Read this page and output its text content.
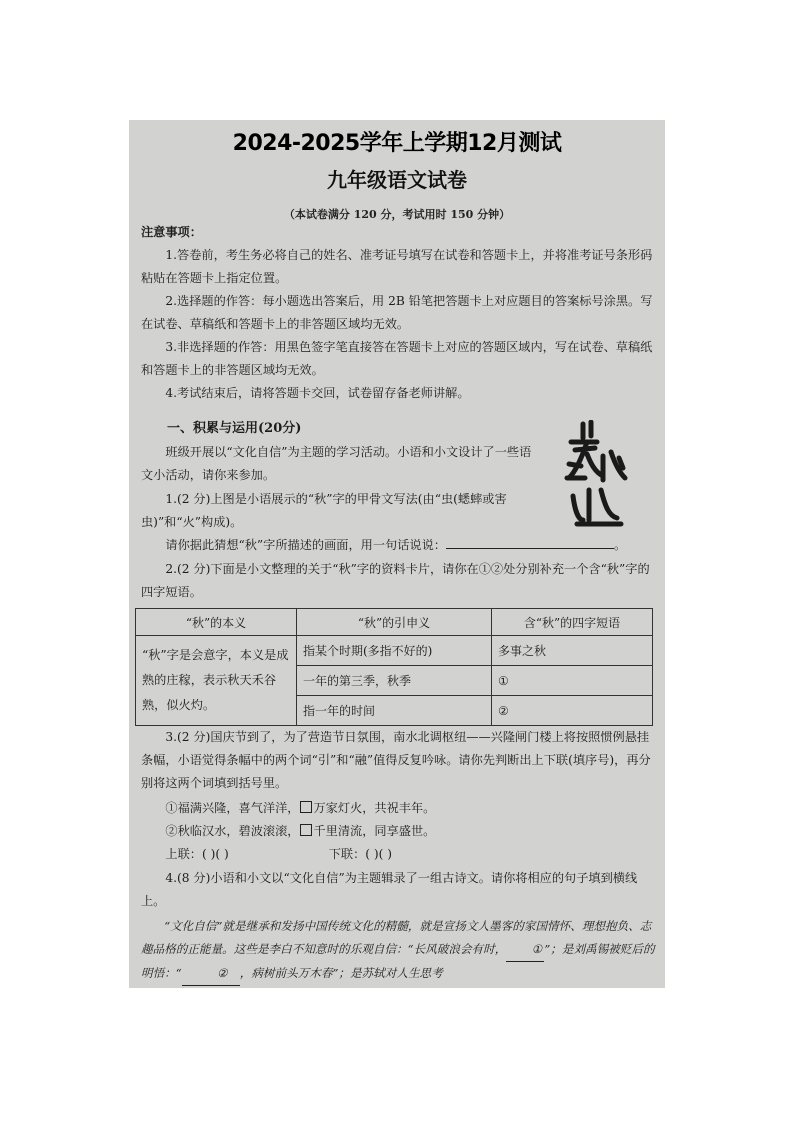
2024-2025学年上学期12月测试
九年级语文试卷
（本试卷满分 120 分，考试用时 150 分钟）
注意事项：
1.答卷前，考生务必将自己的姓名、准考证号填写在试卷和答题卡上，并将准考证号条形码粘贴在答题卡上指定位置。
2.选择题的作答：每小题选出答案后，用 2B 铅笔把答题卡上对应题目的答案标号涂黑。写在试卷、草稿纸和答题卡上的非答题区域均无效。
3.非选择题的作答：用黑色签字笔直接答在答题卡上对应的答题区域内，写在试卷、草稿纸和答题卡上的非答题区域均无效。
4.考试结束后，请将答题卡交回，试卷留存备老师讲解。
一、积累与运用(20分)
班级开展以“文化自信”为主题的学习活动。小语和小文设计了一些语文小活动，请你来参加。
1.(2 分)上图是小语展示的“秋”字的甲骨文写法(由“虫(蟋蟀或害虫)”和“火”构成)。
请你据此猜想“秋”字所描述的画面，用一句话说说：	。
2.(2 分)下面是小文整理的关于“秋”字的资料卡片，请你在①②处分别补充一个含“秋”字的四字短语。
“秋”的本义	“秋”的引申义	含“秋”的四字短语
“秋”字是会意字，本义是成熟的庄稼，表示秋天禾谷熟，似火灼。	指某个时期(多指不好的)	多事之秋
	一年的第三季，秋季	①
	指一年的时间	②
3.(2 分)国庆节到了，为了营造节日氛围，南水北调枢纽——兴隆闸门楼上将按照惯例悬挂条幅，小语觉得条幅中的两个词“引”和“融”值得反复吟咏。请你先判断出上下联(填序号)，再分别将这两个词填到括号里。
①福满兴隆，喜气洋洋， 万家灯火，共祝丰年。
②秋临汉水，碧波滚滚， 千里清流，同享盛世。
上联：( )( )	下联：( )( )
4.(8 分)小语和小文以“文化自信”为主题辑录了一组古诗文。请你将相应的句子填到横线上。
“文化自信”就是继承和发扬中国传统文化的精髓，就是宣扬文人墨客的家国情怀、理想抱负、志趣品格的正能量。这些是李白不知意时的乐观自信：“长风破浪会有时， ① ”；是刘禹锡被贬后的明悟：“	② ，病树前头万木春”；是苏轼对人生思考
